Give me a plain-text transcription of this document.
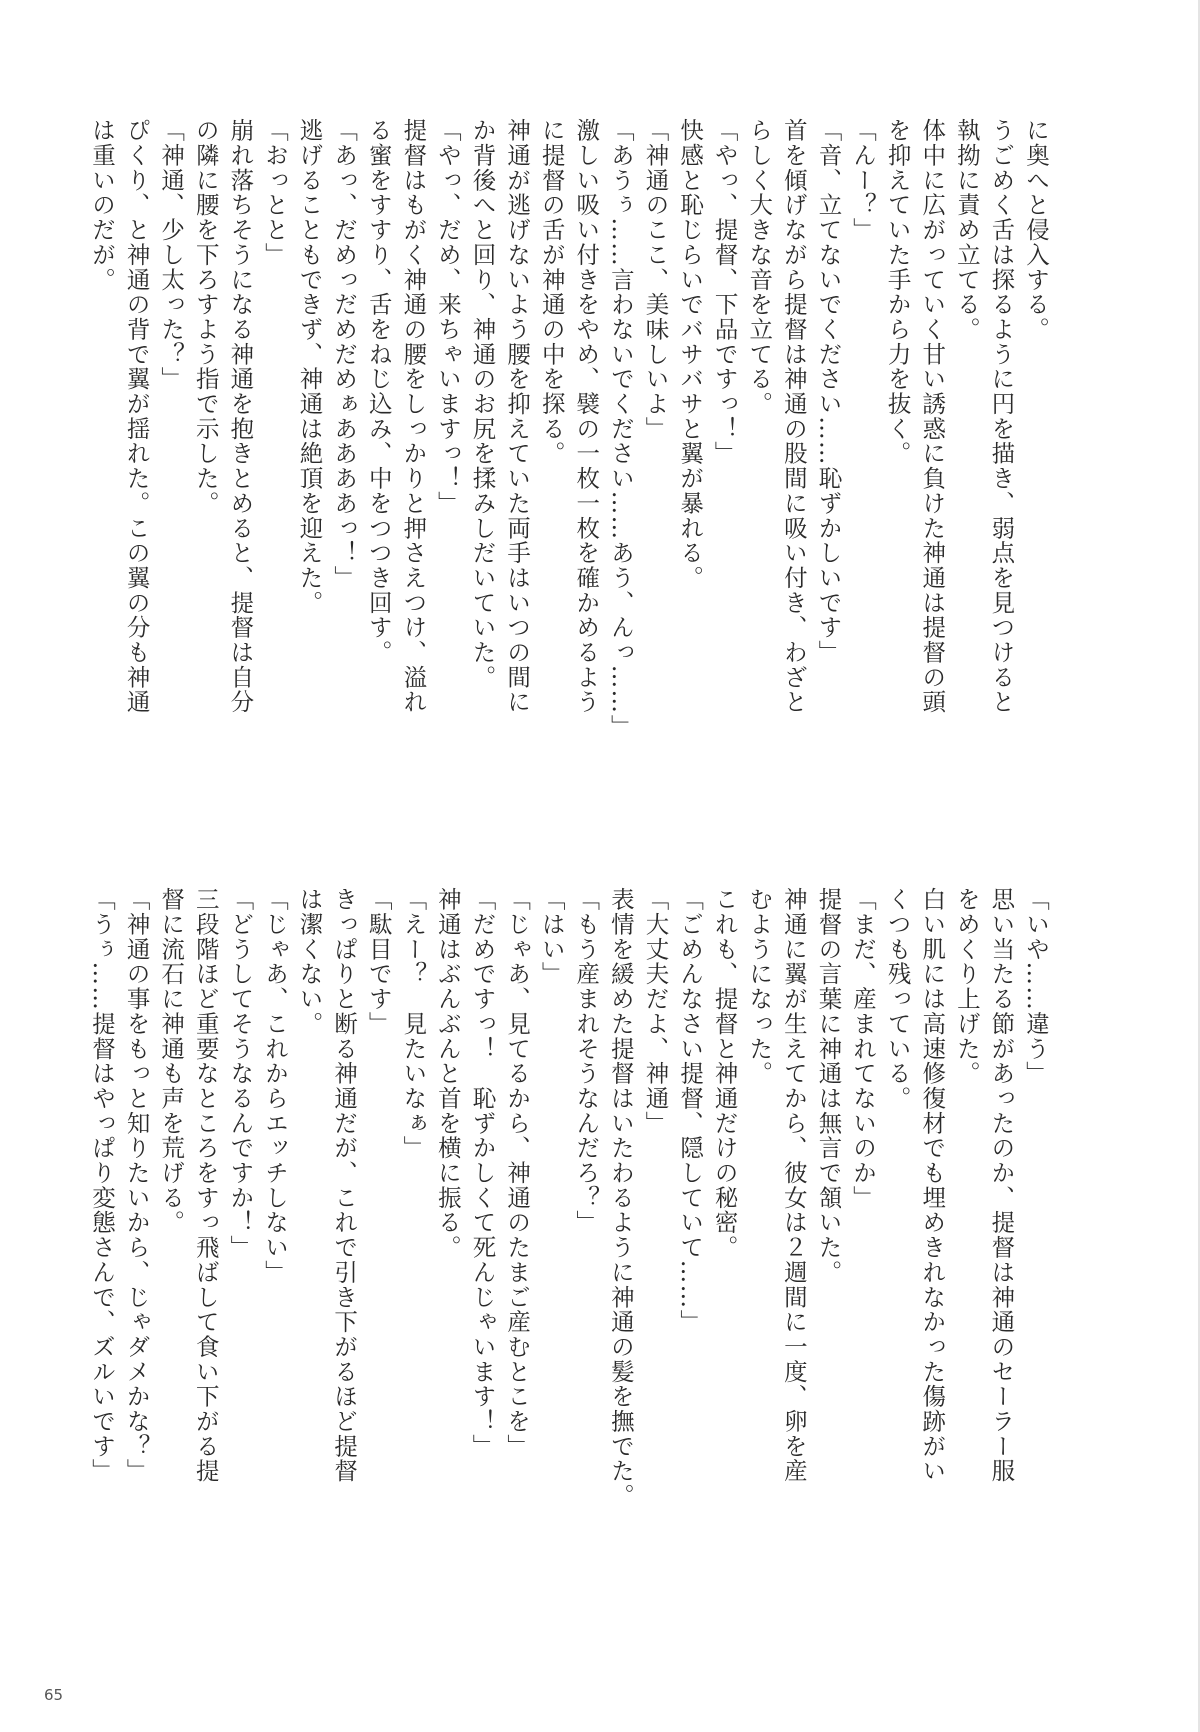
に奥へと侵入する。
うごめく舌は探るように円を描き、弱点を見つけると
執拗に責め立てる。
体中に広がっていく甘い誘惑に負けた神通は提督の頭
を抑えていた手から力を抜く。
「んー？」
「音、立てないでください……恥ずかしいです」
首を傾げながら提督は神通の股間に吸い付き、わざと
らしく大きな音を立てる。
「やっ、提督、下品ですっ！」
快感と恥じらいでバサバサと翼が暴れる。
「神通のここ、美味しいよ」
「あうぅ……言わないでください……あう、んっ……」
激しい吸い付きをやめ、襞の一枚一枚を確かめるよう
に提督の舌が神通の中を探る。
神通が逃げないよう腰を抑えていた両手はいつの間に
か背後へと回り、神通のお尻を揉みしだいていた。
「やっ、だめ、来ちゃいますっ！」
提督はもがく神通の腰をしっかりと押さえつけ、溢れ
る蜜をすすり、舌をねじ込み、中をつつき回す。
「あっ、だめっだめだめぁああああっ！」
逃げることもできず、神通は絶頂を迎えた。
「おっとと」
崩れ落ちそうになる神通を抱きとめると、提督は自分
の隣に腰を下ろすよう指で示した。
「神通、少し太った？」
ぴくり、と神通の背で翼が揺れた。この翼の分も神通
は重いのだが。
「いや……違う」
思い当たる節があったのか、提督は神通のセーラー服
をめくり上げた。
白い肌には高速修復材でも埋めきれなかった傷跡がい
くつも残っている。
「まだ、産まれてないのか」
提督の言葉に神通は無言で頷いた。
神通に翼が生えてから、彼女は２週間に一度、卵を産
むようになった。
これも、提督と神通だけの秘密。
「ごめんなさい提督、隠していて……」
「大丈夫だよ、神通」
表情を緩めた提督はいたわるように神通の髪を撫でた。
「もう産まれそうなんだろ？」
「はい」
「じゃあ、見てるから、神通のたまご産むとこを」
「だめですっ！　恥ずかしくて死んじゃいます！」
神通はぶんぶんと首を横に振る。
「えー？　見たいなぁ」
「駄目です」
きっぱりと断る神通だが、これで引き下がるほど提督
は潔くない。
「じゃあ、これからエッチしない」
「どうしてそうなるんですか！」
三段階ほど重要なところをすっ飛ばして食い下がる提
督に流石に神通も声を荒げる。
「神通の事をもっと知りたいから、じゃダメかな？」
「うぅ……提督はやっぱり変態さんで、ズルいです」
65
